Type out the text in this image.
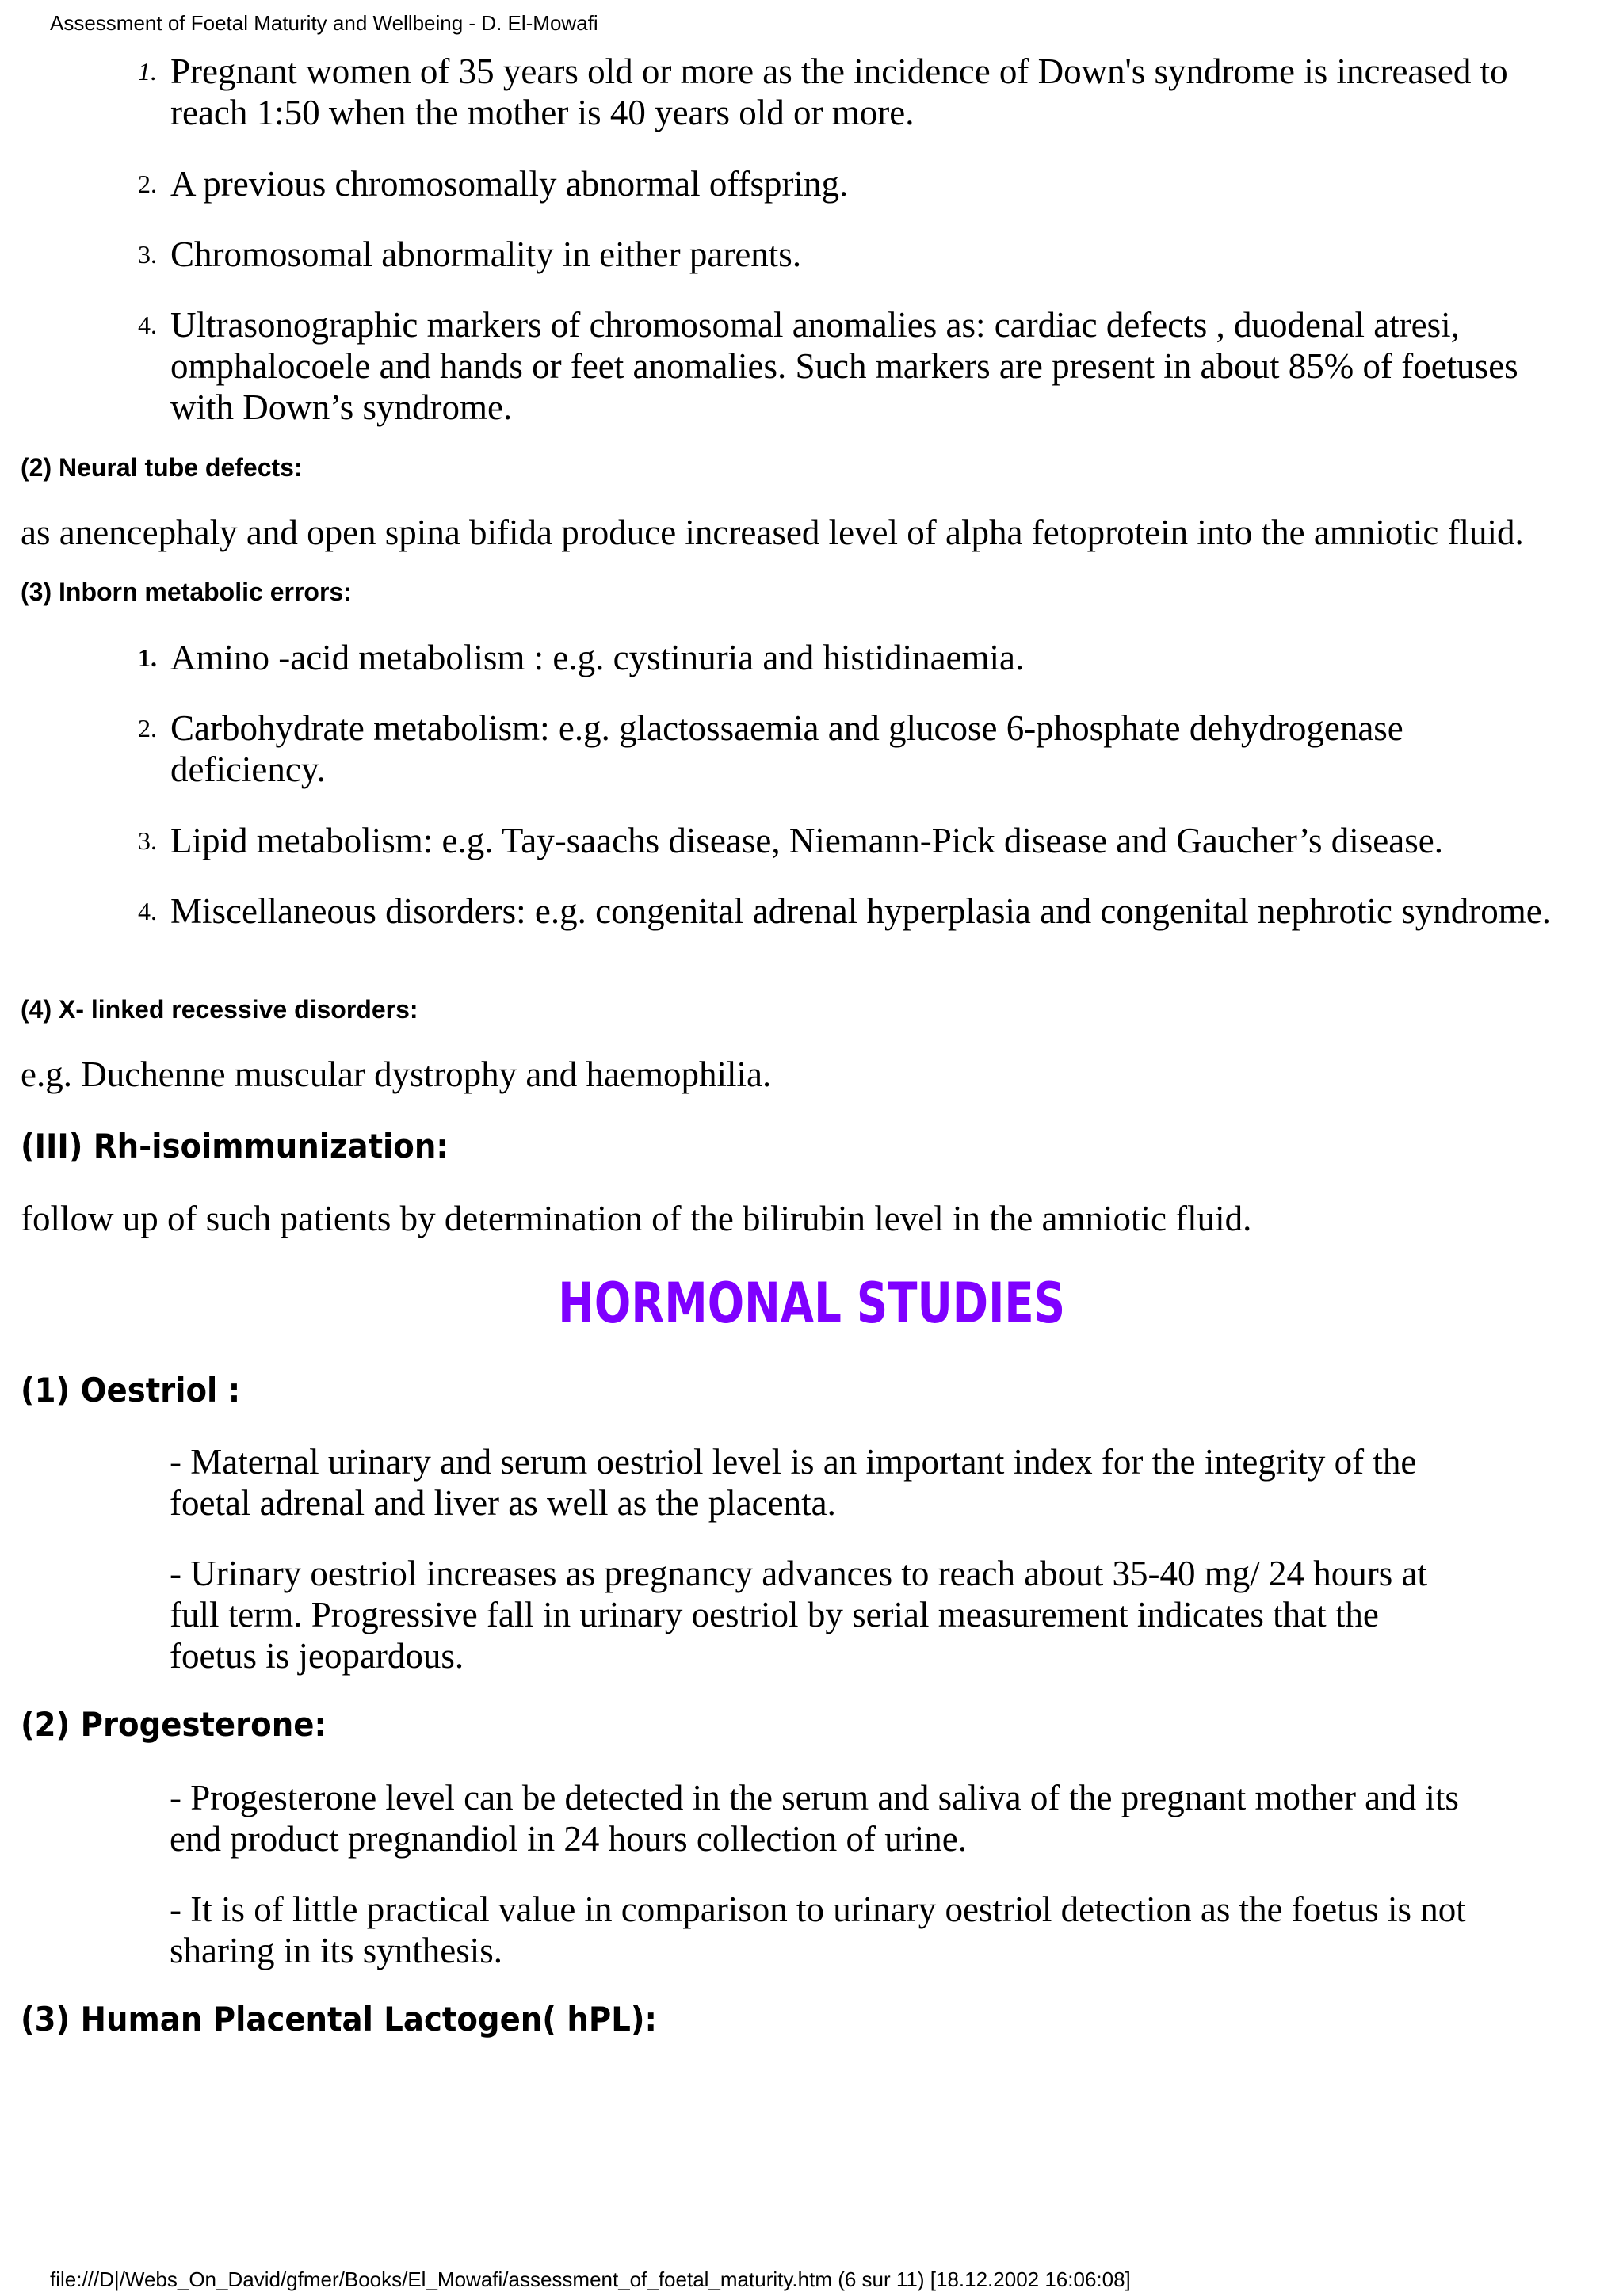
Assessment of Foetal Maturity and Wellbeing - D. El-Mowafi
1. Pregnant women of 35 years old or more as the incidence of Down's syndrome is increased to reach 1:50 when the mother is 40 years old or more.
2. A previous chromosomally abnormal offspring.
3. Chromosomal abnormality in either parents.
4. Ultrasonographic markers of chromosomal anomalies as: cardiac defects , duodenal atresi, omphalocoele and hands or feet anomalies. Such markers are present in about 85% of foetuses with Down’s syndrome.
(2) Neural tube defects:
as anencephaly and open spina bifida produce increased level of alpha fetoprotein into the amniotic fluid.
(3) Inborn metabolic errors:
1. Amino -acid metabolism : e.g. cystinuria and histidinaemia.
2. Carbohydrate metabolism: e.g. glactossaemia and glucose 6-phosphate dehydrogenase deficiency.
3. Lipid metabolism: e.g. Tay-saachs disease, Niemann-Pick disease and Gaucher’s disease.
4. Miscellaneous disorders: e.g. congenital adrenal hyperplasia and congenital nephrotic syndrome.
(4) X- linked recessive disorders:
e.g. Duchenne muscular dystrophy and haemophilia.
(III) Rh-isoimmunization:
follow up of such patients by determination of the bilirubin level in the amniotic fluid.
HORMONAL STUDIES
(1) Oestriol :
- Maternal urinary and serum oestriol level is an important index for the integrity of the foetal adrenal and liver as well as the placenta.
- Urinary oestriol increases as pregnancy advances to reach about 35-40 mg/ 24 hours at full term. Progressive fall in urinary oestriol by serial measurement indicates that the foetus is jeopardous.
(2) Progesterone:
- Progesterone level can be detected in the serum and saliva of the pregnant mother and its end product pregnandiol in 24 hours collection of urine.
- It is of little practical value in comparison to urinary oestriol detection as the foetus is not sharing in its synthesis.
(3) Human Placental Lactogen( hPL):
file:///D|/Webs_On_David/gfmer/Books/El_Mowafi/assessment_of_foetal_maturity.htm (6 sur 11) [18.12.2002 16:06:08]
